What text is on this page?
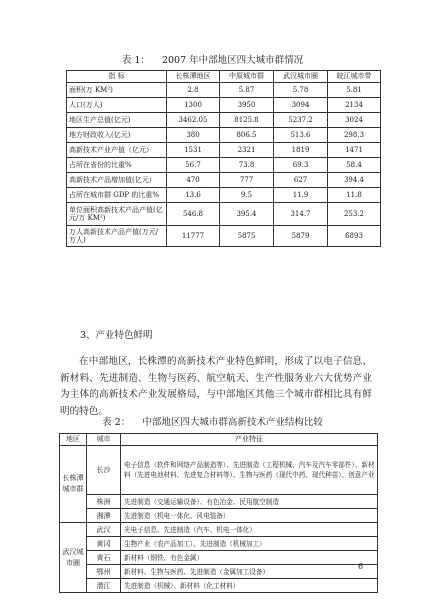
表 1：    2007 年中部地区四大城市群情况
指 标	长株潭地区	中原城市群	武汉城市圈	皖江城市带
面积(万 KM²)	2.8	5.87	5.78	5.81
人口(万人)	1300	3950	3094	2134
地区生产总值(亿元)	3462.05	8125.8	5237.2	3024
地方财政收入(亿元)	380	806.5	513.6	298.3
高新技术产业产值（亿元）	1531	2321	1819	1471
占所在省份的比重%	56.7	73.8	69.3	58.4
高新技术产品增加值(亿元）	470	777	627	394.4
占所在城市群 GDP 的比重%	13.6	9.5	11.9	11.8
单位面积高新技术产品产值(亿元/万 KM²)	546.8	395.4	314.7	253.2
万人高新技术产品产值(万元/万人)	11777	5875	5879	6893
3、产业特色鲜明
在中部地区，长株潭的高新技术产业特色鲜明，形成了以电子信息、新材料、先进制造、生物与医药、航空航天、生产性服务业六大优势产业为主体的高新技术产业发展格局，与中部地区其他三个城市群相比具有鲜明的特色。
表 2：    中部地区四大城市群高新技术产业结构比较
地区	城市	产业特征
长株潭城市群	长沙	电子信息（软件和网络产品制造等）、先进制造（工程机械、汽车及汽车零部件）、新材料（先进电池材料、先进复合材料等）、生物与医药（现代中药、现代种苗）、创意产业
	株洲	先进制造（交通运输设备）、有色冶金、民用航空制造
	湘潭	先进制造（机电一体化、风电装备）
武汉城市圈	武汉	光电子信息、先进制造（汽车、机电一体化）
	黄冈	生物产业（农产品加工）、先进制造（机械加工）
	黄石	新材料（钢铁、有色金属）
	鄂州	新材料、生物与医药、先进制造（金属加工设备）
	潜江	先进制造（机械）、新材料（化工材料）
6
